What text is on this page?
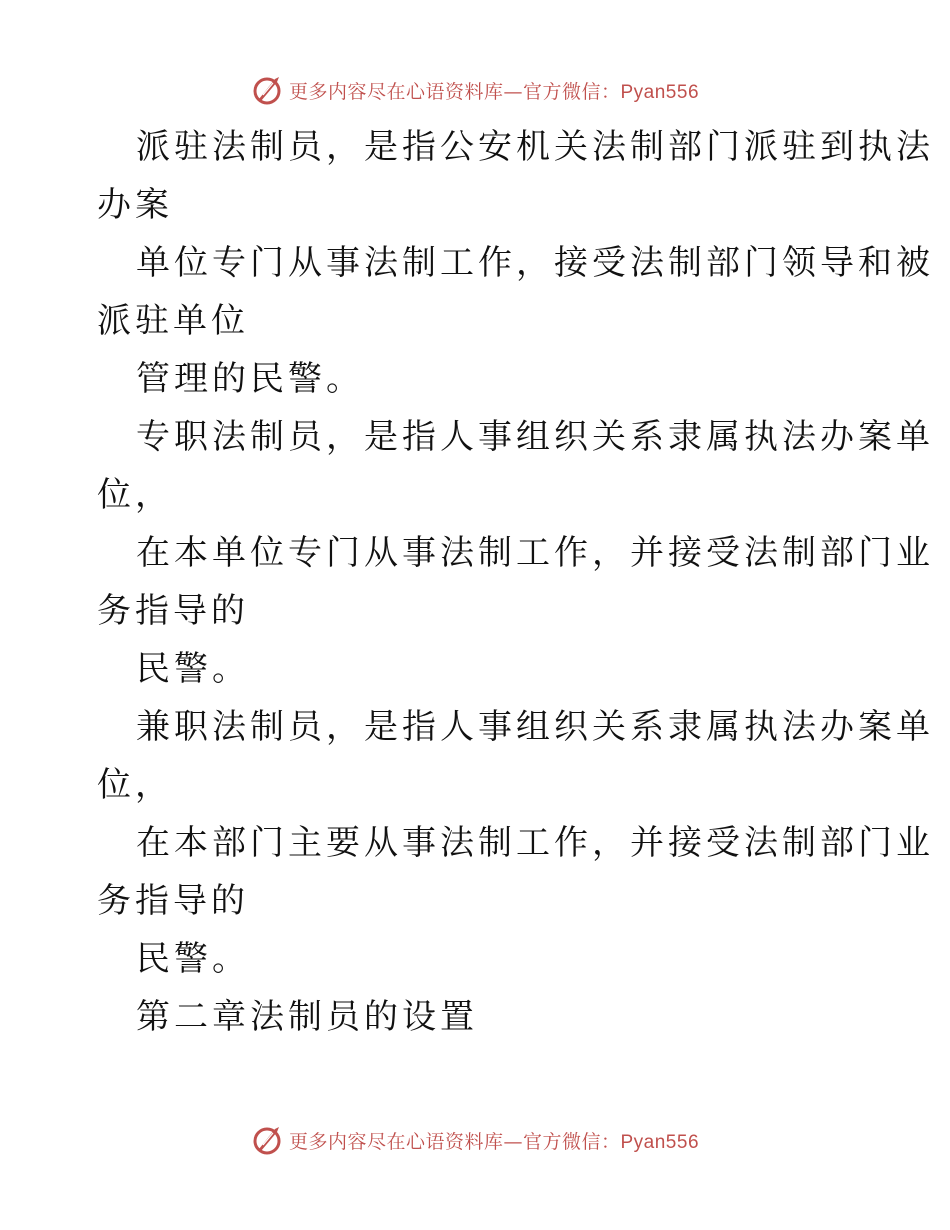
更多内容尽在心语资料库—官方微信：Pyan556
派驻法制员，是指公安机关法制部门派驻到执法
办案
单位专门从事法制工作，接受法制部门领导和被
派驻单位
管理的民警。
专职法制员，是指人事组织关系隶属执法办案单
位，
在本单位专门从事法制工作，并接受法制部门业
务指导的
民警。
兼职法制员，是指人事组织关系隶属执法办案单
位，
在本部门主要从事法制工作，并接受法制部门业
务指导的
民警。
第二章法制员的设置
更多内容尽在心语资料库—官方微信：Pyan556
